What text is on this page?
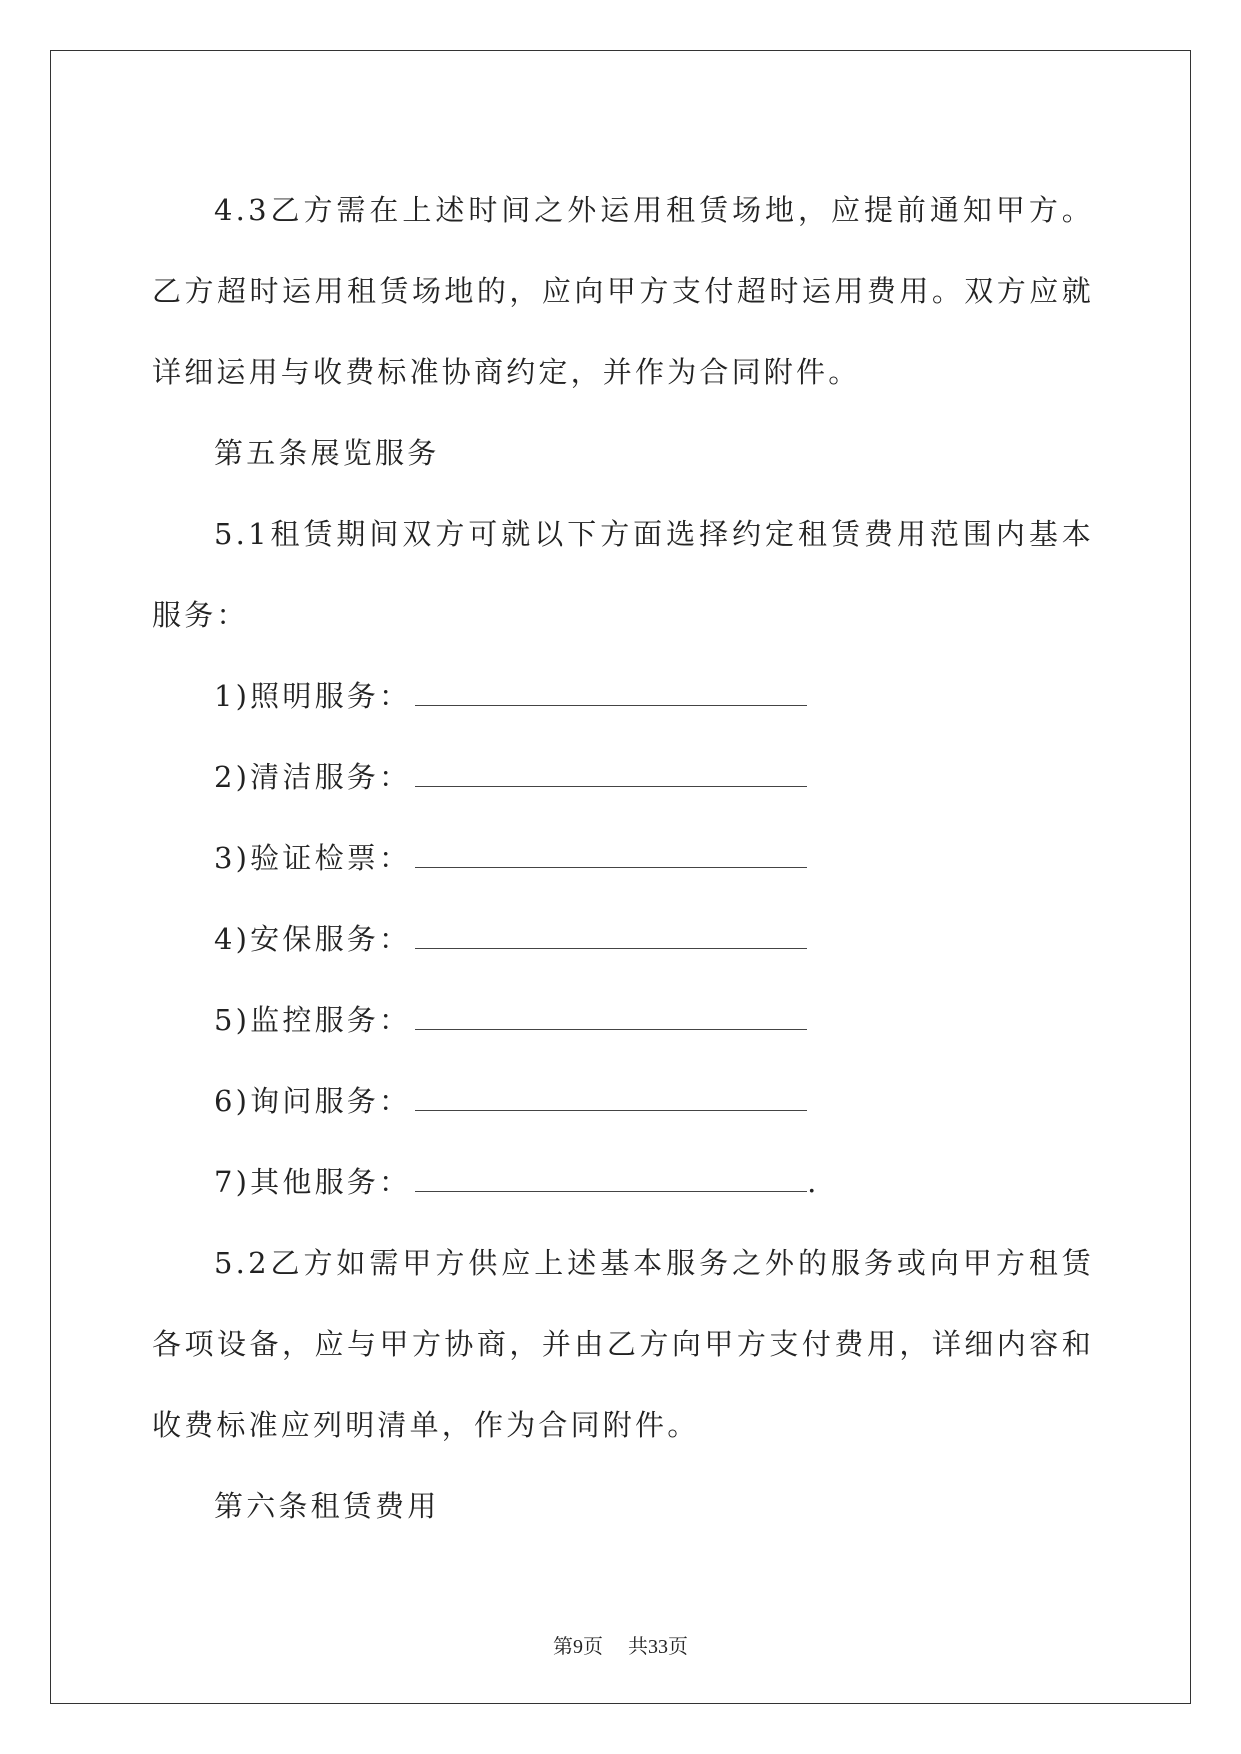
4.3乙方需在上述时间之外运用租赁场地，应提前通知甲方。乙方超时运用租赁场地的，应向甲方支付超时运用费用。双方应就详细运用与收费标准协商约定，并作为合同附件。

第五条展览服务

5.1租赁期间双方可就以下方面选择约定租赁费用范围内基本服务：

1)照明服务：

2)清洁服务：

3)验证检票：

4)安保服务：

5)监控服务：

6)询问服务：

7)其他服务：	.

5.2乙方如需甲方供应上述基本服务之外的服务或向甲方租赁各项设备，应与甲方协商，并由乙方向甲方支付费用，详细内容和收费标准应列明清单，作为合同附件。

第六条租赁费用

第9页 共33页
